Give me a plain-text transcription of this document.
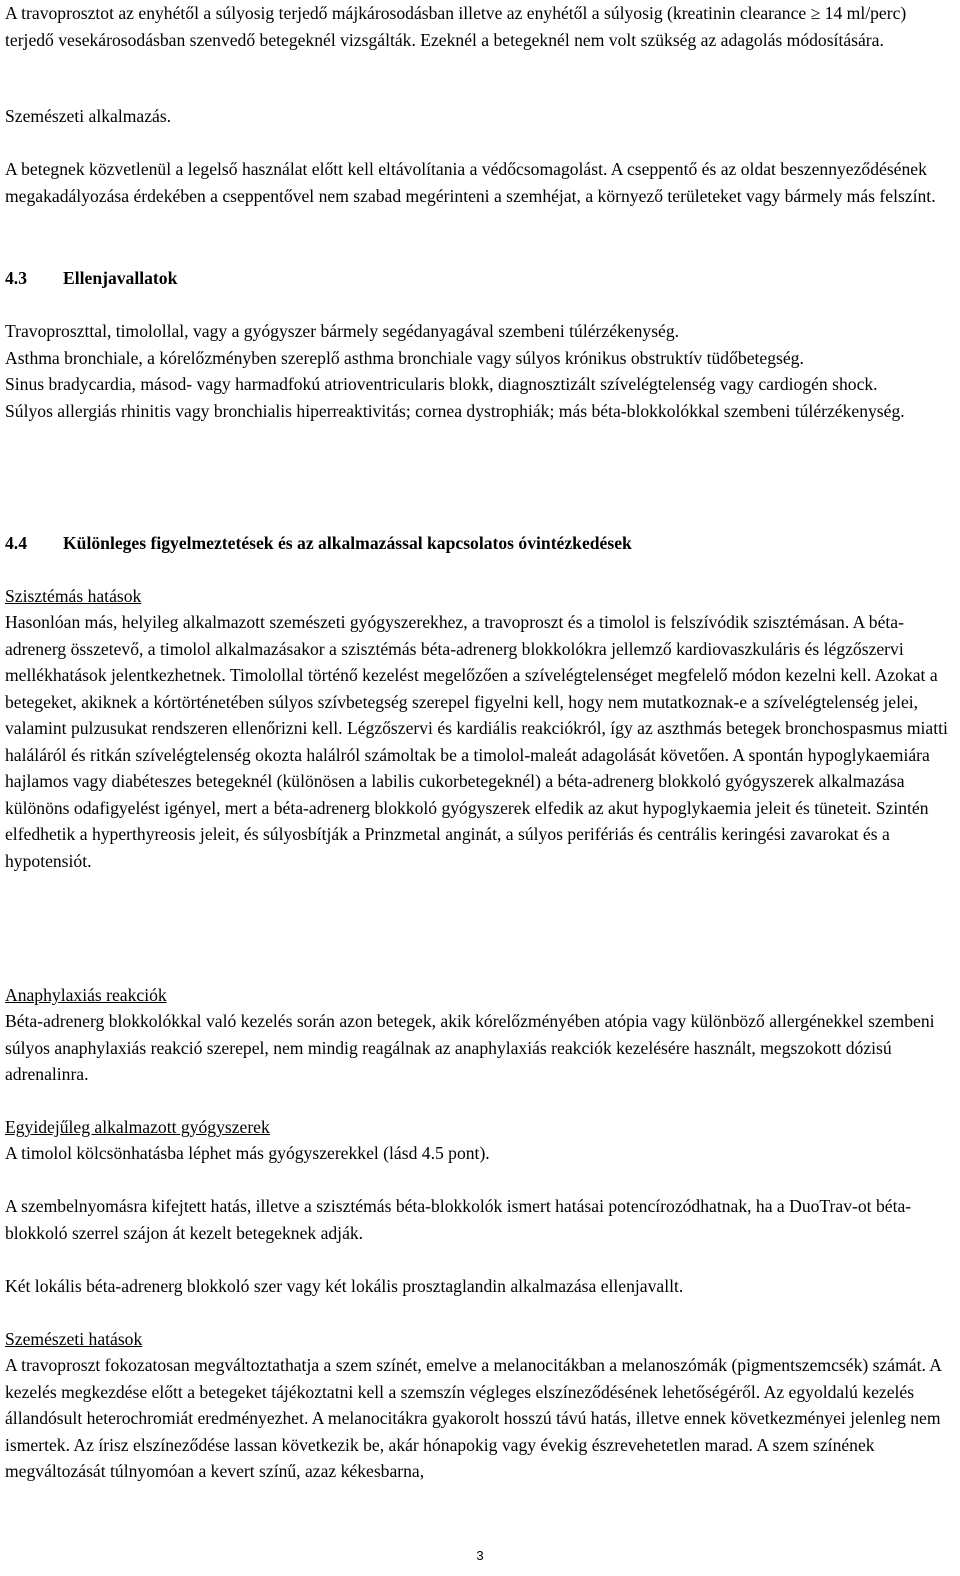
A travoprosztot az enyhétől a súlyosig terjedő májkárosodásban illetve az enyhétől a súlyosig (kreatinin clearance ≥ 14 ml/perc) terjedő vesekárosodásban szenvedő betegeknél vizsgálták. Ezeknél a betegeknél nem volt szükség az adagolás módosítására.

Szemészeti alkalmazás.

A betegnek közvetlenül a legelső használat előtt kell eltávolítania a védőcsomagolást. A cseppentő és az oldat beszennyeződésének megakadályozása érdekében a cseppentővel nem szabad megérinteni a szemhéjat, a környező területeket vagy bármely más felszínt.

4.3 Ellenjavallatok

Travoproszttal, timolollal, vagy a gyógyszer bármely segédanyagával szembeni túlérzékenység.

Asthma bronchiale, a kórelőzményben szereplő asthma bronchiale vagy súlyos krónikus obstruktív tüdőbetegség.

Sinus bradycardia, másod- vagy harmadfokú atrioventricularis blokk, diagnosztizált szívelégtelenség vagy cardiogén shock.

Súlyos allergiás rhinitis vagy bronchialis hiperreaktivitás; cornea dystrophiák; más béta-blokkolókkal szembeni túlérzékenység.

4.4 Különleges figyelmeztetések és az alkalmazással kapcsolatos óvintézkedések

Szisztémás hatások

Hasonlóan más, helyileg alkalmazott szemészeti gyógyszerekhez, a travoproszt és a timolol is felszívódik szisztémásan. A béta-adrenerg összetevő, a timolol alkalmazásakor a szisztémás béta-adrenerg blokkolókra jellemző kardiovaszkuláris és légzőszervi mellékhatások jelentkezhetnek. Timolollal történő kezelést megelőzően a szívelégtelenséget megfelelő módon kezelni kell. Azokat a betegeket, akiknek a kórtörténetében súlyos szívbetegség szerepel figyelni kell, hogy nem mutatkoznak-e a szívelégtelenség jelei, valamint pulzusukat rendszeren ellenőrizni kell. Légzőszervi és kardiális reakciókról, így az aszthmás betegek bronchospasmus miatti haláláról és ritkán szívelégtelenség okozta halálról számoltak be a timolol-maleát adagolását követően. A spontán hypoglykaemiára hajlamos vagy diabéteszes betegeknél (különösen a labilis cukorbetegeknél) a béta-adrenerg blokkoló gyógyszerek alkalmazása különöns odafigyelést igényel, mert a béta-adrenerg blokkoló gyógyszerek elfedik az akut hypoglykaemia jeleit és tüneteit. Szintén elfedhetik a hyperthyreosis jeleit, és súlyosbítják a Prinzmetal anginát, a súlyos perifériás és centrális keringési zavarokat és a hypotensiót.

Anaphylaxiás reakciók

Béta-adrenerg blokkolókkal való kezelés során azon betegek, akik kórelőzményében atópia vagy különböző allergénekkel szembeni súlyos anaphylaxiás reakció szerepel, nem mindig reagálnak az anaphylaxiás reakciók kezelésére használt, megszokott dózisú adrenalinra.

Egyidejűleg alkalmazott gyógyszerek

A timolol kölcsönhatásba léphet más gyógyszerekkel (lásd 4.5 pont).

A szembelnyomásra kifejtett hatás, illetve a szisztémás béta-blokkolók ismert hatásai potencírozódhatnak, ha a DuoTrav-ot béta-blokkoló szerrel szájon át kezelt betegeknek adják.

Két lokális béta-adrenerg blokkoló szer vagy két lokális prosztaglandin alkalmazása ellenjavallt.

Szemészeti hatások

A travoproszt fokozatosan megváltoztathatja a szem színét, emelve a melanocitákban a melanoszómák (pigmentszemcsék) számát. A kezelés megkezdése előtt a betegeket tájékoztatni kell a szemszín végleges elszíneződésének lehetőségéről. Az egyoldalú kezelés állandósult heterochromiát eredményezhet. A melanocitákra gyakorolt hosszú távú hatás, illetve ennek következményei jelenleg nem ismertek. Az írisz elszíneződése lassan következik be, akár hónapokig vagy évekig észrevehetetlen marad. A szem színének megváltozását túlnyomóan a kevert színű, azaz kékesbarna,

3
